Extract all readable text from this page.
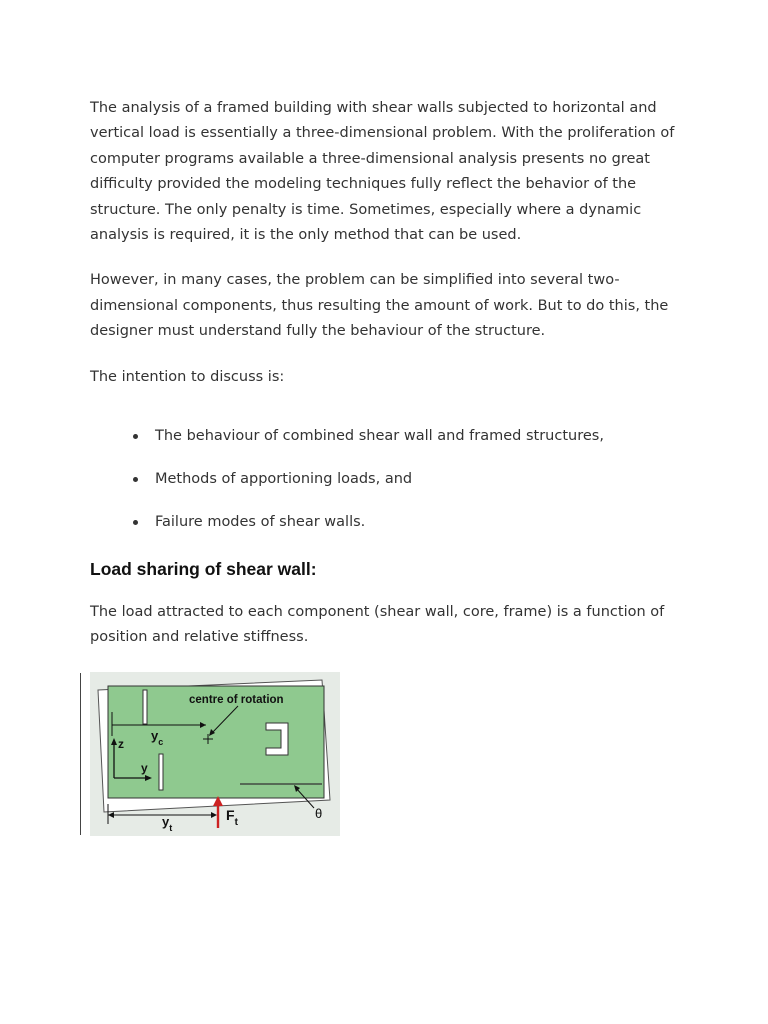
The analysis of a framed building with shear walls subjected to horizontal and vertical load is essentially a three-dimensional problem. With the proliferation of computer programs available a three-dimensional analysis presents no great difficulty provided the modeling techniques fully reflect the behavior of the structure. The only penalty is time. Sometimes, especially where a dynamic analysis is required, it is the only method that can be used.

However, in many cases, the problem can be simplified into several two-dimensional components, thus resulting the amount of work. But to do this, the designer must understand fully the behaviour of the structure.

The intention to discuss is:

The behaviour of combined shear wall and framed structures,
Methods of apportioning loads, and
Failure modes of shear walls.
Load sharing of shear wall:

The load attracted to each component (shear wall, core, frame) is a function of position and relative stiffness.

centre of rotation
z
y
$y_c$
$y_t$
$F_t$
θ
